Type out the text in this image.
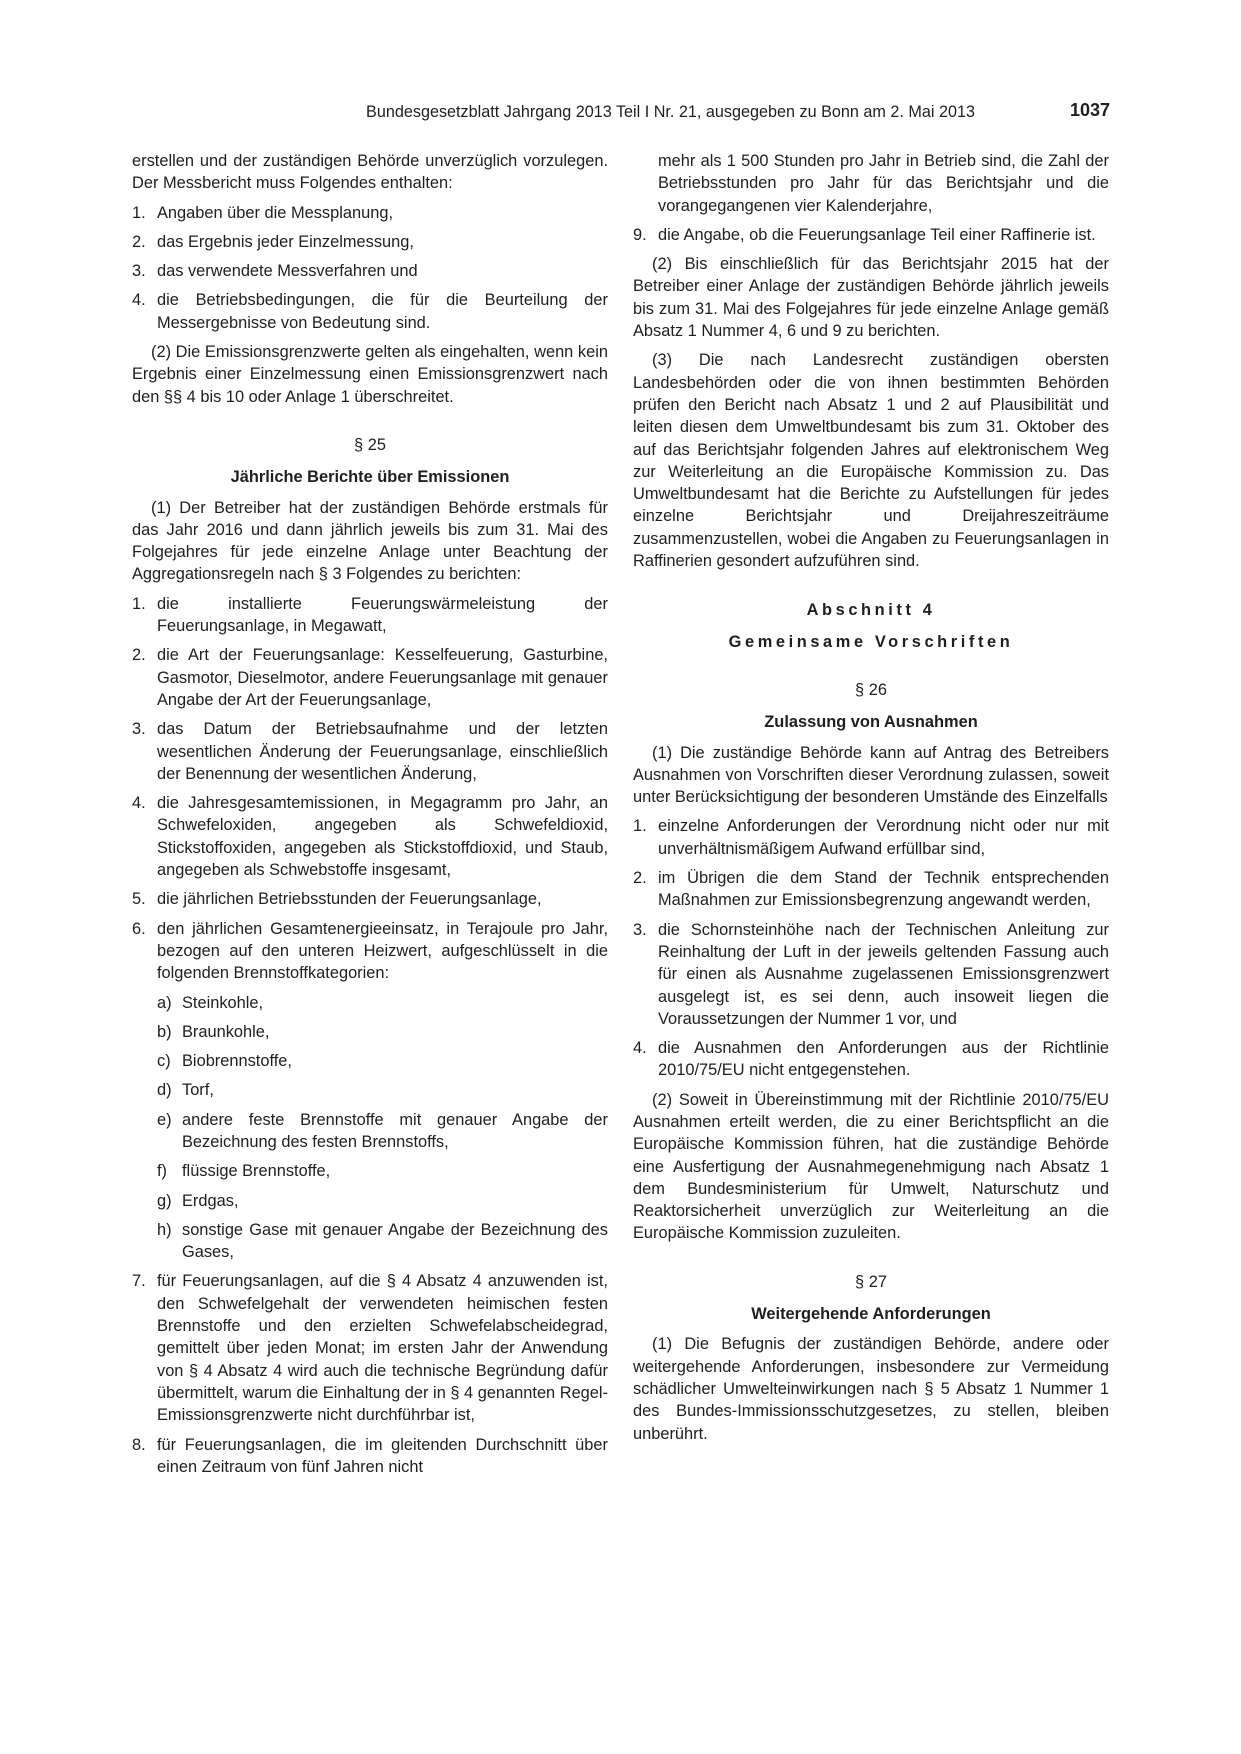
Bundesgesetzblatt Jahrgang 2013 Teil I Nr. 21, ausgegeben zu Bonn am 2. Mai 2013	1037

erstellen und der zuständigen Behörde unverzüglich vorzulegen. Der Messbericht muss Folgendes enthalten:

1. Angaben über die Messplanung,
2. das Ergebnis jeder Einzelmessung,
3. das verwendete Messverfahren und
4. die Betriebsbedingungen, die für die Beurteilung der Messergebnisse von Bedeutung sind.

(2) Die Emissionsgrenzwerte gelten als eingehalten, wenn kein Ergebnis einer Einzelmessung einen Emissionsgrenzwert nach den §§ 4 bis 10 oder Anlage 1 überschreitet.

§ 25

Jährliche Berichte über Emissionen

(1) Der Betreiber hat der zuständigen Behörde erstmals für das Jahr 2016 und dann jährlich jeweils bis zum 31. Mai des Folgejahres für jede einzelne Anlage unter Beachtung der Aggregationsregeln nach § 3 Folgendes zu berichten:

1. die installierte Feuerungswärmeleistung der Feuerungsanlage, in Megawatt,
2. die Art der Feuerungsanlage: Kesselfeuerung, Gasturbine, Gasmotor, Dieselmotor, andere Feuerungsanlage mit genauer Angabe der Art der Feuerungsanlage,
3. das Datum der Betriebsaufnahme und der letzten wesentlichen Änderung der Feuerungsanlage, einschließlich der Benennung der wesentlichen Änderung,
4. die Jahresgesamtemissionen, in Megagramm pro Jahr, an Schwefeloxiden, angegeben als Schwefeldioxid, Stickstoffoxiden, angegeben als Stickstoffdioxid, und Staub, angegeben als Schwebstoffe insgesamt,
5. die jährlichen Betriebsstunden der Feuerungsanlage,
6. den jährlichen Gesamtenergieeinsatz, in Terajoule pro Jahr, bezogen auf den unteren Heizwert, aufgeschlüsselt in die folgenden Brennstoffkategorien:
a) Steinkohle,
b) Braunkohle,
c) Biobrennstoffe,
d) Torf,
e) andere feste Brennstoffe mit genauer Angabe der Bezeichnung des festen Brennstoffs,
f) flüssige Brennstoffe,
g) Erdgas,
h) sonstige Gase mit genauer Angabe der Bezeichnung des Gases,
7. für Feuerungsanlagen, auf die § 4 Absatz 4 anzuwenden ist, den Schwefelgehalt der verwendeten heimischen festen Brennstoffe und den erzielten Schwefelabscheidegrad, gemittelt über jeden Monat; im ersten Jahr der Anwendung von § 4 Absatz 4 wird auch die technische Begründung dafür übermittelt, warum die Einhaltung der in § 4 genannten Regel-Emissionsgrenzwerte nicht durchführbar ist,
8. für Feuerungsanlagen, die im gleitenden Durchschnitt über einen Zeitraum von fünf Jahren nicht
mehr als 1 500 Stunden pro Jahr in Betrieb sind, die Zahl der Betriebsstunden pro Jahr für das Berichtsjahr und die vorangegangenen vier Kalenderjahre,
9. die Angabe, ob die Feuerungsanlage Teil einer Raffinerie ist.

(2) Bis einschließlich für das Berichtsjahr 2015 hat der Betreiber einer Anlage der zuständigen Behörde jährlich jeweils bis zum 31. Mai des Folgejahres für jede einzelne Anlage gemäß Absatz 1 Nummer 4, 6 und 9 zu berichten.

(3) Die nach Landesrecht zuständigen obersten Landesbehörden oder die von ihnen bestimmten Behörden prüfen den Bericht nach Absatz 1 und 2 auf Plausibilität und leiten diesen dem Umweltbundesamt bis zum 31. Oktober des auf das Berichtsjahr folgenden Jahres auf elektronischem Weg zur Weiterleitung an die Europäische Kommission zu. Das Umweltbundesamt hat die Berichte zu Aufstellungen für jedes einzelne Berichtsjahr und Dreijahreszeiträume zusammenzustellen, wobei die Angaben zu Feuerungsanlagen in Raffinerien gesondert aufzuführen sind.

Abschnitt 4

Gemeinsame Vorschriften

§ 26

Zulassung von Ausnahmen

(1) Die zuständige Behörde kann auf Antrag des Betreibers Ausnahmen von Vorschriften dieser Verordnung zulassen, soweit unter Berücksichtigung der besonderen Umstände des Einzelfalls

1. einzelne Anforderungen der Verordnung nicht oder nur mit unverhältnismäßigem Aufwand erfüllbar sind,
2. im Übrigen die dem Stand der Technik entsprechenden Maßnahmen zur Emissionsbegrenzung angewandt werden,
3. die Schornsteinhöhe nach der Technischen Anleitung zur Reinhaltung der Luft in der jeweils geltenden Fassung auch für einen als Ausnahme zugelassenen Emissionsgrenzwert ausgelegt ist, es sei denn, auch insoweit liegen die Voraussetzungen der Nummer 1 vor, und
4. die Ausnahmen den Anforderungen aus der Richtlinie 2010/75/EU nicht entgegenstehen.

(2) Soweit in Übereinstimmung mit der Richtlinie 2010/75/EU Ausnahmen erteilt werden, die zu einer Berichtspflicht an die Europäische Kommission führen, hat die zuständige Behörde eine Ausfertigung der Ausnahmegenehmigung nach Absatz 1 dem Bundesministerium für Umwelt, Naturschutz und Reaktorsicherheit unverzüglich zur Weiterleitung an die Europäische Kommission zuzuleiten.

§ 27

Weitergehende Anforderungen

(1) Die Befugnis der zuständigen Behörde, andere oder weitergehende Anforderungen, insbesondere zur Vermeidung schädlicher Umwelteinwirkungen nach § 5 Absatz 1 Nummer 1 des Bundes-Immissionsschutzgesetzes, zu stellen, bleiben unberührt.
